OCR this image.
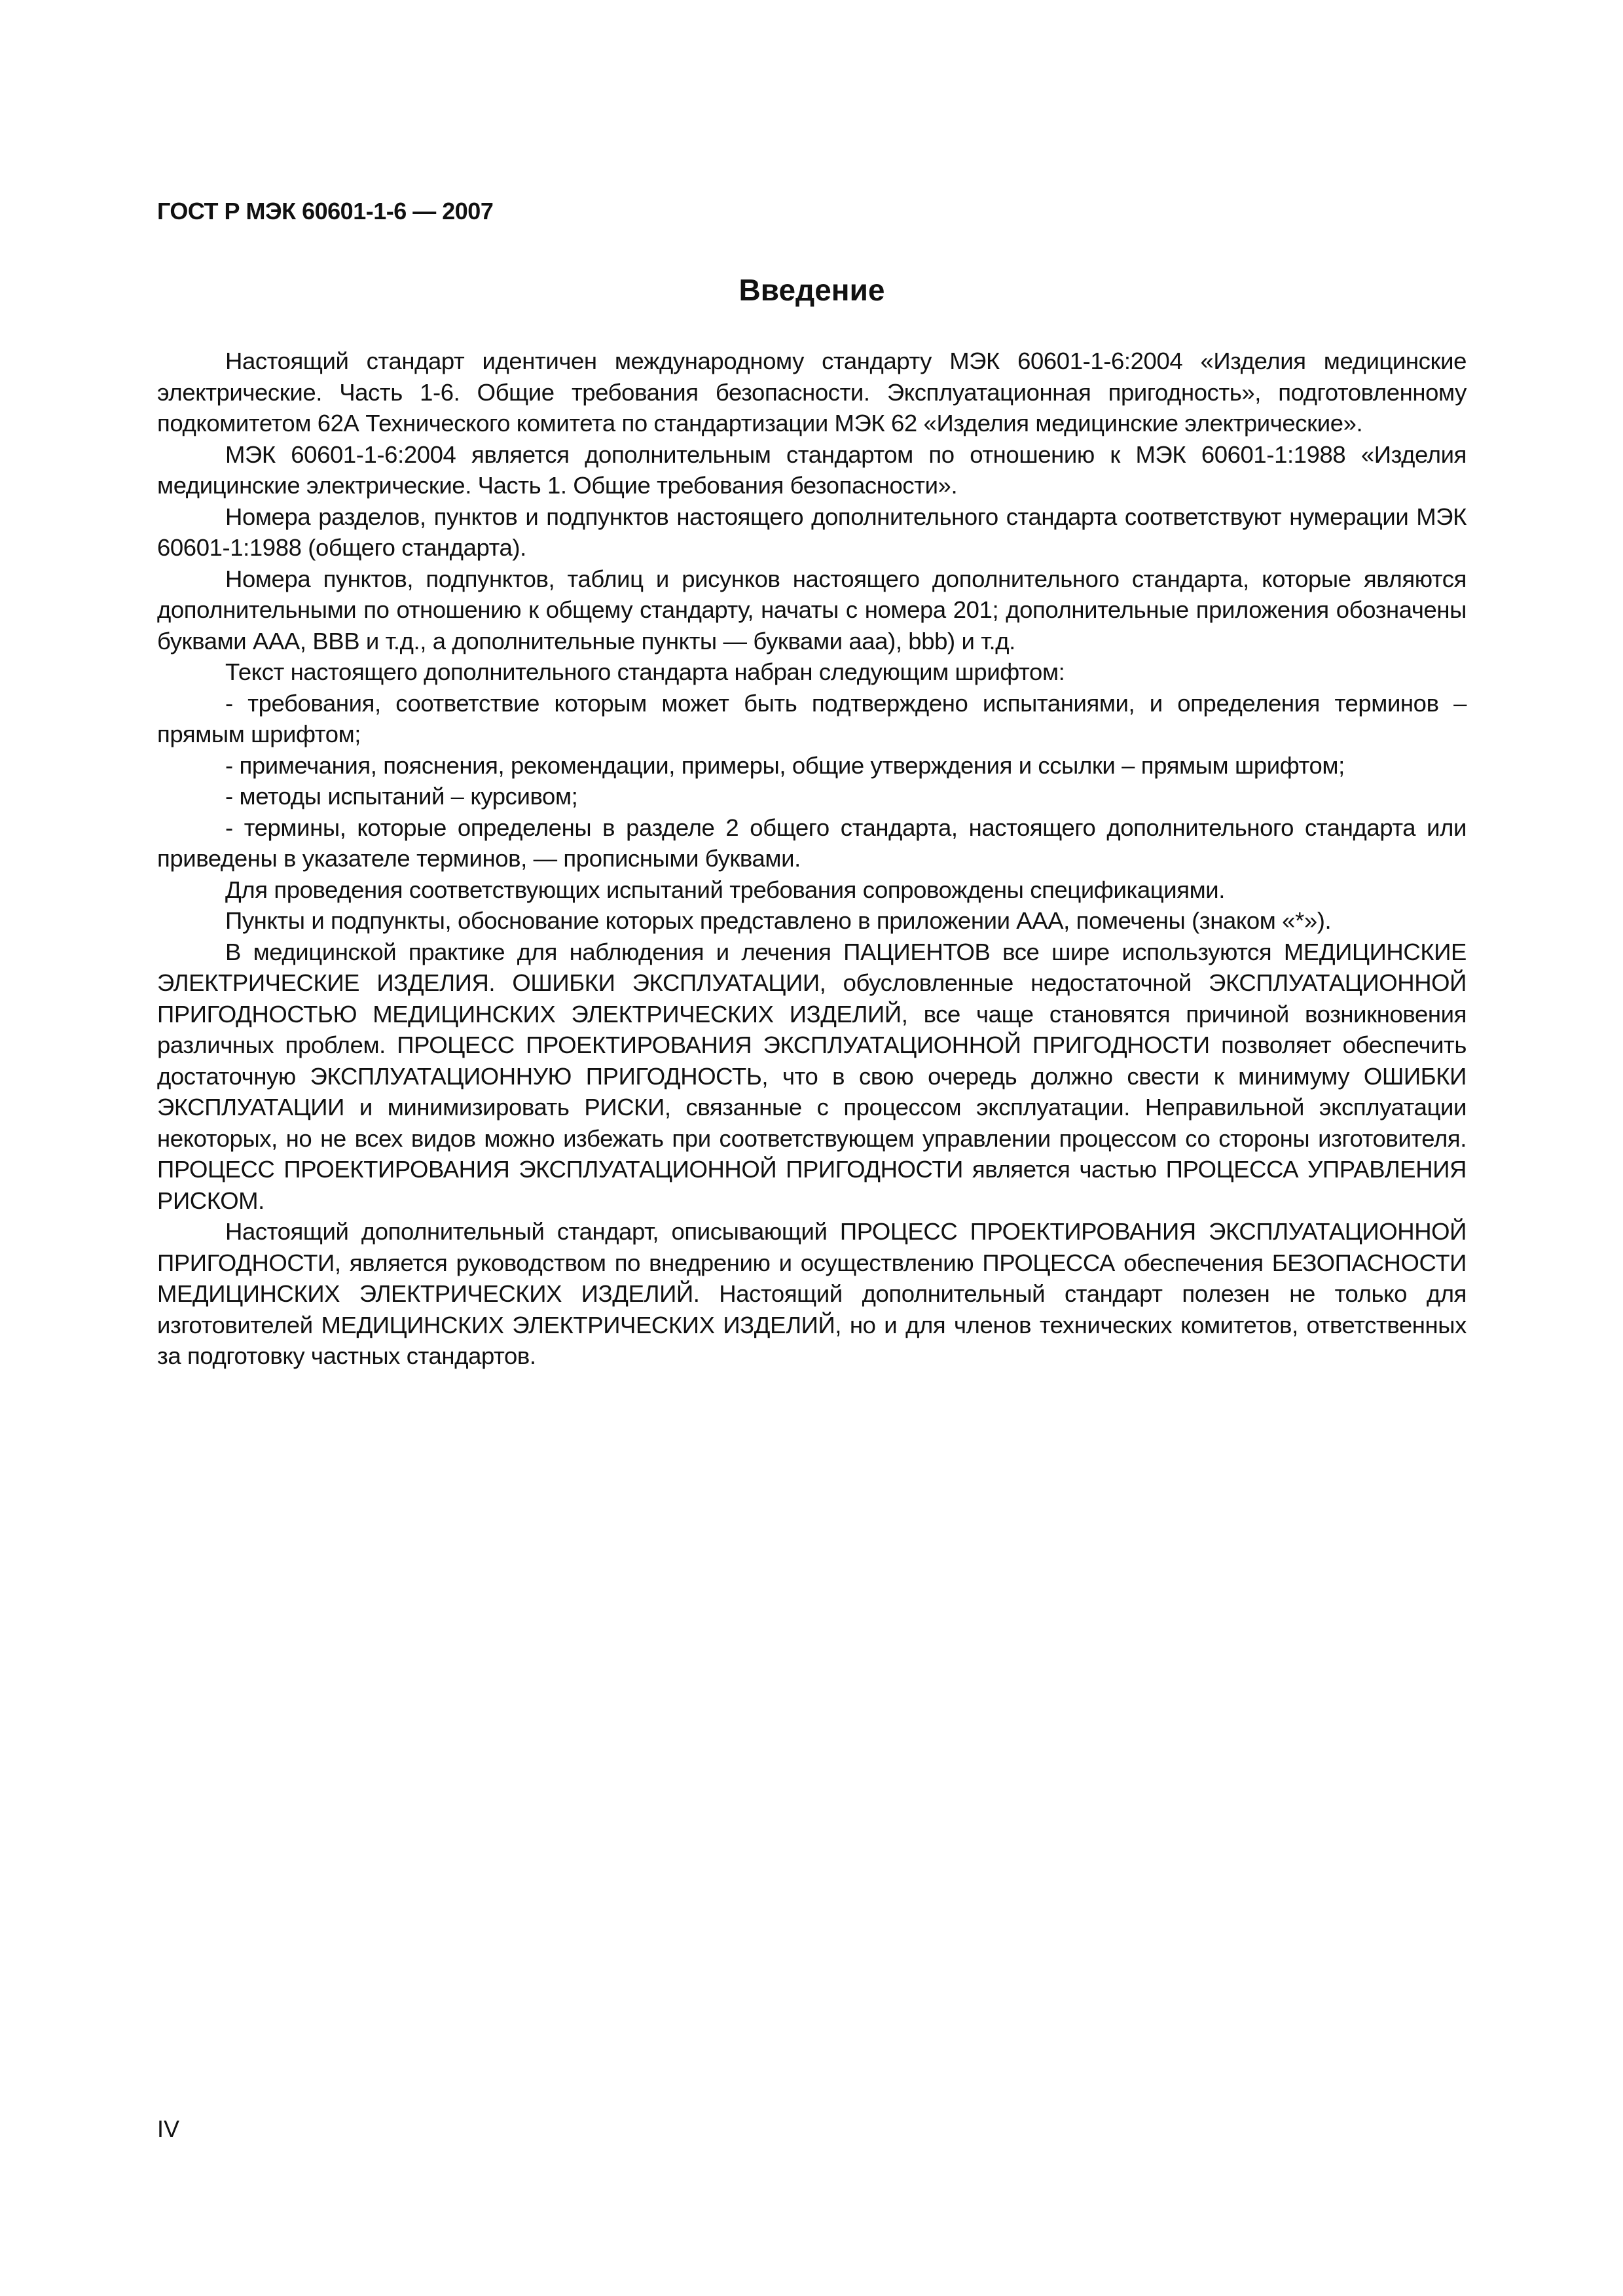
ГОСТ Р МЭК 60601-1-6 — 2007
Введение

Настоящий стандарт идентичен международному стандарту МЭК 60601-1-6:2004 «Изделия медицинские электрические. Часть 1-6. Общие требования безопасности. Эксплуатационная пригодность», подготовленному подкомитетом 62А Технического комитета по стандартизации МЭК 62 «Изделия медицинские электрические».

МЭК 60601-1-6:2004 является дополнительным стандартом по отношению к МЭК 60601-1:1988 «Изделия медицинские электрические. Часть 1. Общие требования безопасности».

Номера разделов, пунктов и подпунктов настоящего дополнительного стандарта соответствуют нумерации МЭК 60601-1:1988 (общего стандарта).

Номера пунктов, подпунктов, таблиц и рисунков настоящего дополнительного стандарта, которые являются дополнительными по отношению к общему стандарту, начаты с номера 201; дополнительные приложения обозначены буквами ААА, ВВВ и т.д., а дополнительные пункты — буквами ааа), bbb) и т.д.

Текст настоящего дополнительного стандарта набран следующим шрифтом:

- требования, соответствие которым может быть подтверждено испытаниями, и определения терминов – прямым шрифтом;

- примечания, пояснения, рекомендации, примеры, общие утверждения и ссылки – прямым шрифтом;

- методы испытаний – курсивом;

- термины, которые определены в разделе 2 общего стандарта, настоящего дополнительного стандарта или приведены в указателе терминов, — прописными буквами.

Для проведения соответствующих испытаний требования сопровождены спецификациями.

Пункты и подпункты, обоснование которых представлено в приложении ААА, помечены (знаком «*»).

В медицинской практике для наблюдения и лечения ПАЦИЕНТОВ все шире используются МЕДИЦИНСКИЕ ЭЛЕКТРИЧЕСКИЕ ИЗДЕЛИЯ. ОШИБКИ ЭКСПЛУАТАЦИИ, обусловленные недостаточной ЭКСПЛУАТАЦИОННОЙ ПРИГОДНОСТЬЮ МЕДИЦИНСКИХ ЭЛЕКТРИЧЕСКИХ ИЗДЕЛИЙ, все чаще становятся причиной возникновения различных проблем. ПРОЦЕСС ПРОЕКТИРОВАНИЯ ЭКСПЛУАТАЦИОННОЙ ПРИГОДНОСТИ позволяет обеспечить достаточную ЭКСПЛУАТАЦИОННУЮ ПРИГОДНОСТЬ, что в свою очередь должно свести к минимуму ОШИБКИ ЭКСПЛУАТАЦИИ и минимизировать РИСКИ, связанные с процессом эксплуатации. Неправильной эксплуатации некоторых, но не всех видов можно избежать при соответствующем управлении процессом со стороны изготовителя. ПРОЦЕСС ПРОЕКТИРОВАНИЯ ЭКСПЛУАТАЦИОННОЙ ПРИГОДНОСТИ является частью ПРОЦЕССА УПРАВЛЕНИЯ РИСКОМ.

Настоящий дополнительный стандарт, описывающий ПРОЦЕСС ПРОЕКТИРОВАНИЯ ЭКСПЛУАТАЦИОННОЙ ПРИГОДНОСТИ, является руководством по внедрению и осуществлению ПРОЦЕССА обеспечения БЕЗОПАСНОСТИ МЕДИЦИНСКИХ ЭЛЕКТРИЧЕСКИХ ИЗДЕЛИЙ. Настоящий дополнительный стандарт полезен не только для изготовителей МЕДИЦИНСКИХ ЭЛЕКТРИЧЕСКИХ ИЗДЕЛИЙ, но и для членов технических комитетов, ответственных за подготовку частных стандартов.

IV
